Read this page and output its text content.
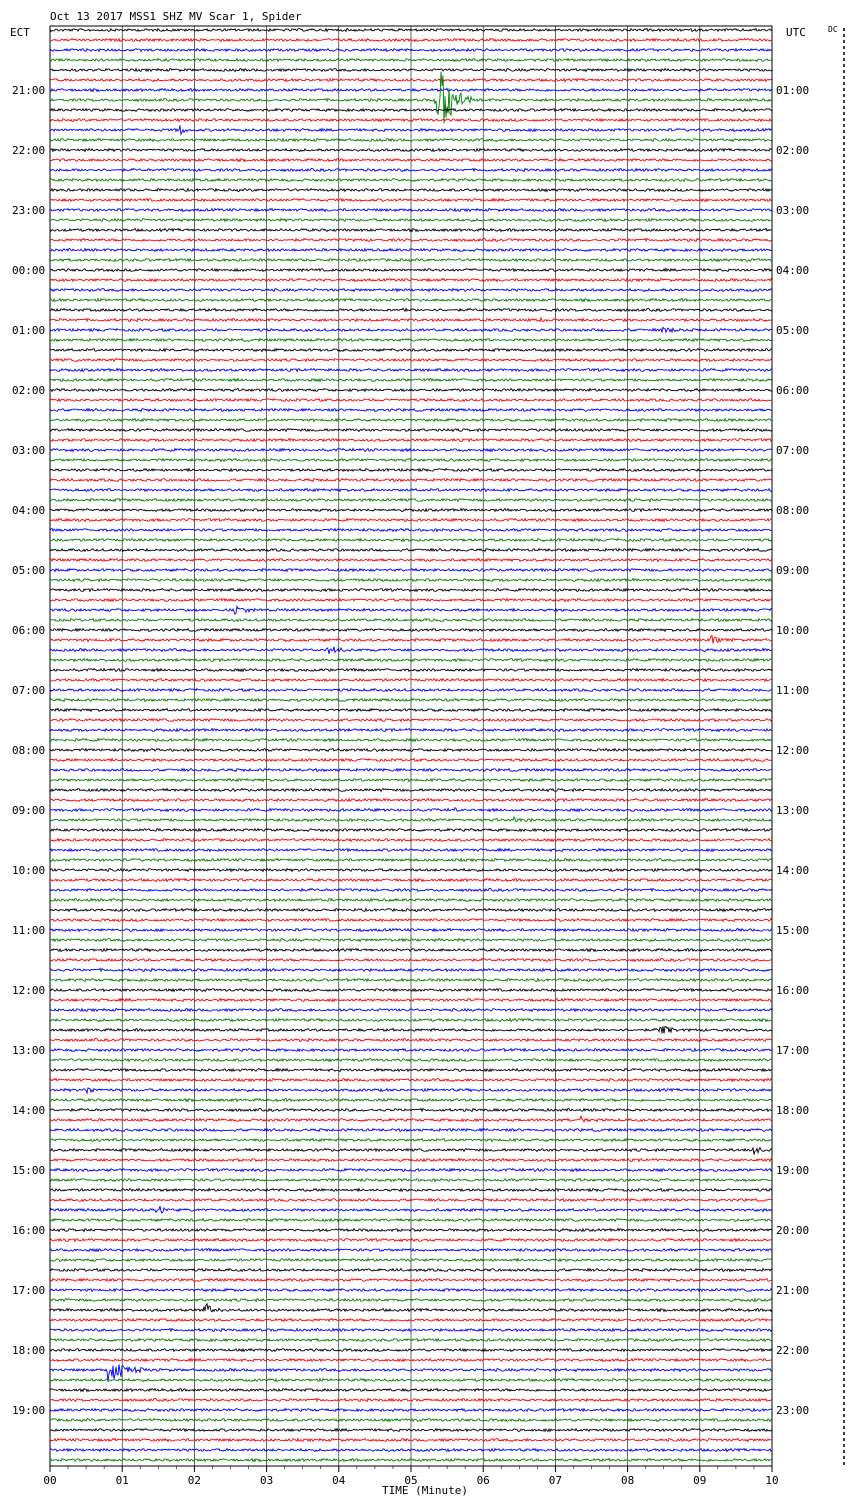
Oct 13 2017 MSS1 SHZ MV Scar 1, Spider
ECT	UTC	DC
21:00
22:00
23:00
00:00
01:00
02:00
03:00
04:00
05:00
06:00
07:00
08:00
09:00
10:00
11:00
12:00
13:00
14:00
15:00
16:00
17:00
18:00
19:00
01:00
02:00
03:00
04:00
05:00
06:00
07:00
08:00
09:00
10:00
11:00
12:00
13:00
14:00
15:00
16:00
17:00
18:00
19:00
20:00
21:00
22:00
23:00
00	01	02	03	04	05	06	07	08	09	10
TIME (Minute)
